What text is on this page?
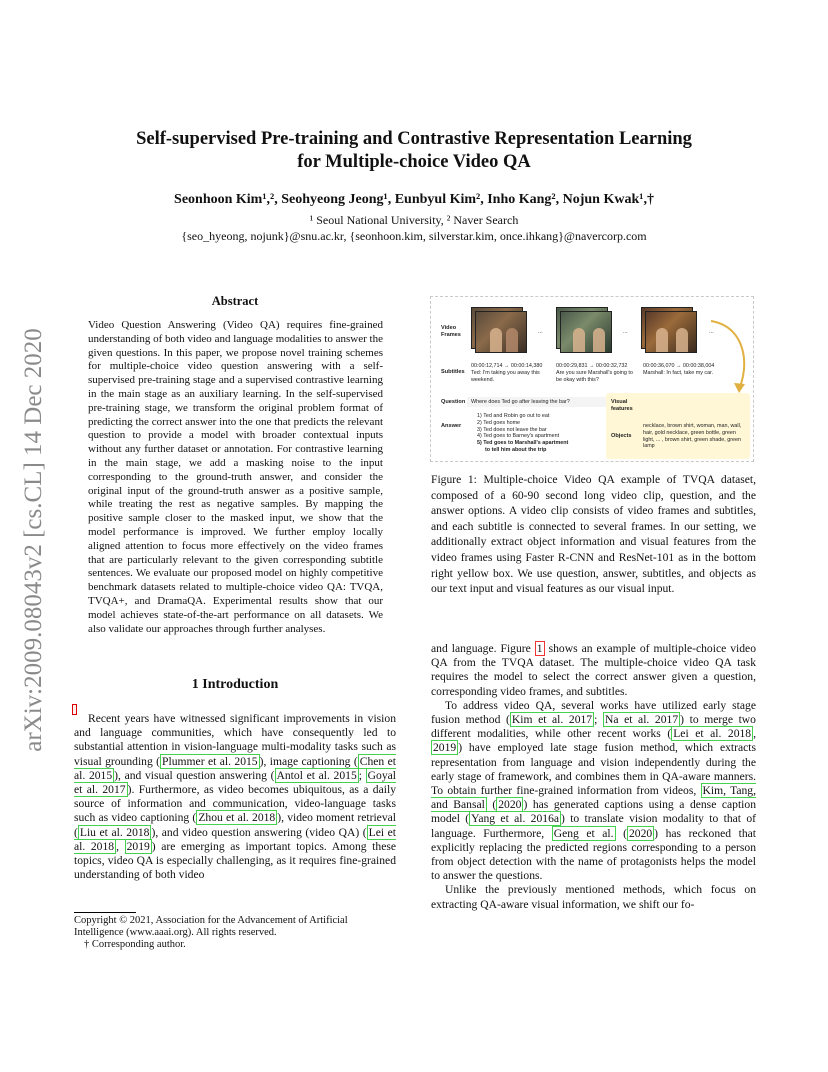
arXiv:2009.08043v2 [cs.CL] 14 Dec 2020
Self-supervised Pre-training and Contrastive Representation Learning
for Multiple-choice Video QA
Seonhoon Kim¹,², Seohyeong Jeong¹, Eunbyul Kim², Inho Kang², Nojun Kwak¹,†
¹ Seoul National University, ² Naver Search
{seo_hyeong, nojunk}@snu.ac.kr, {seonhoon.kim, silverstar.kim, once.ihkang}@navercorp.com
Abstract
Video Question Answering (Video QA) requires fine-grained understanding of both video and language modalities to answer the given questions. In this paper, we propose novel training schemes for multiple-choice video question answering with a self-supervised pre-training stage and a supervised contrastive learning in the main stage as an auxiliary learning. In the self-supervised pre-training stage, we transform the original problem format of predicting the correct answer into the one that predicts the relevant question to provide a model with broader contextual inputs without any further dataset or annotation. For contrastive learning in the main stage, we add a masking noise to the input corresponding to the ground-truth answer, and consider the original input of the ground-truth answer as a positive sample, while treating the rest as negative samples. By mapping the positive sample closer to the masked input, we show that the model performance is improved. We further employ locally aligned attention to focus more effectively on the video frames that are particularly relevant to the given corresponding subtitle sentences. We evaluate our proposed model on highly competitive benchmark datasets related to multiple-choice video QA: TVQA, TVQA+, and DramaQA. Experimental results show that our model achieves state-of-the-art performance on all datasets. We also validate our approaches through further analyses.
1 Introduction
Recent years have witnessed significant improvements in vision and language communities, which have consequently led to substantial attention in vision-language multi-modality tasks such as visual grounding ( Plummer et al. 2015 ), image captioning ( Chen et al. 2015 ), and visual question answering ( Antol et al. 2015 ; Goyal et al. 2017 ). Furthermore, as video becomes ubiquitous, as a daily source of information and communication, video-language tasks such as video captioning ( Zhou et al. 2018 ), video moment retrieval ( Liu et al. 2018 ), and video question answering (video QA) ( Lei et al. 2018 , 2019 ) are emerging as important topics. Among these topics, video QA is especially challenging, as it requires fine-grained understanding of both video
Copyright © 2021, Association for the Advancement of Artificial Intelligence (www.aaai.org). All rights reserved.
† Corresponding author.
Video Frames	...	...	...
Subtitles
00:00:12,714 → 00:00:14,380
Ted: I'm taking you away this weekend.
00:00:29,831 → 00:00:32,732
Are you sure Marshall's going to be okay with this?
00:00:36,070 → 00:00:38,004
Marshall: In fact, take my car.
Question Where does Ted go after leaving the bar?	Visual features
Objects
necklace, brown shirt, woman, man, wall, hair, gold necklace, green bottle, green light, ... , brown shirt, green shade, green lamp
Answer
1) Ted and Robin go out to eat
2) Ted goes home
3) Ted does not leave the bar
4) Ted goes to Barney's apartment
5) Ted goes to Marshall's apartment
to tell him about the trip
Figure 1: Multiple-choice Video QA example of TVQA dataset, composed of a 60-90 second long video clip, question, and the answer options. A video clip consists of video frames and subtitles, and each subtitle is connected to several frames. In our setting, we additionally extract object information and visual features from the video frames using Faster R-CNN and ResNet-101 as in the bottom right yellow box. We use question, answer, subtitles, and objects as our text input and visual features as our visual input.
and language. Figure 1 shows an example of multiple-choice video QA from the TVQA dataset. The multiple-choice video QA task requires the model to select the correct answer given a question, corresponding video frames, and subtitles.
To address video QA, several works have utilized early stage fusion method ( Kim et al. 2017 ; Na et al. 2017 ) to merge two different modalities, while other recent works ( Lei et al. 2018 , 2019 ) have employed late stage fusion method, which extracts representation from language and vision independently during the early stage of framework, and combines them in QA-aware manners. To obtain further fine-grained information from videos, Kim, Tang, and Bansal ( 2020 ) has generated captions using a dense caption model ( Yang et al. 2016a ) to translate vision modality to that of language. Furthermore, Geng et al. ( 2020 ) has reckoned that explicitly replacing the predicted regions corresponding to a person from object detection with the name of protagonists helps the model to answer the questions.
Unlike the previously mentioned methods, which focus on extracting QA-aware visual information, we shift our fo-
